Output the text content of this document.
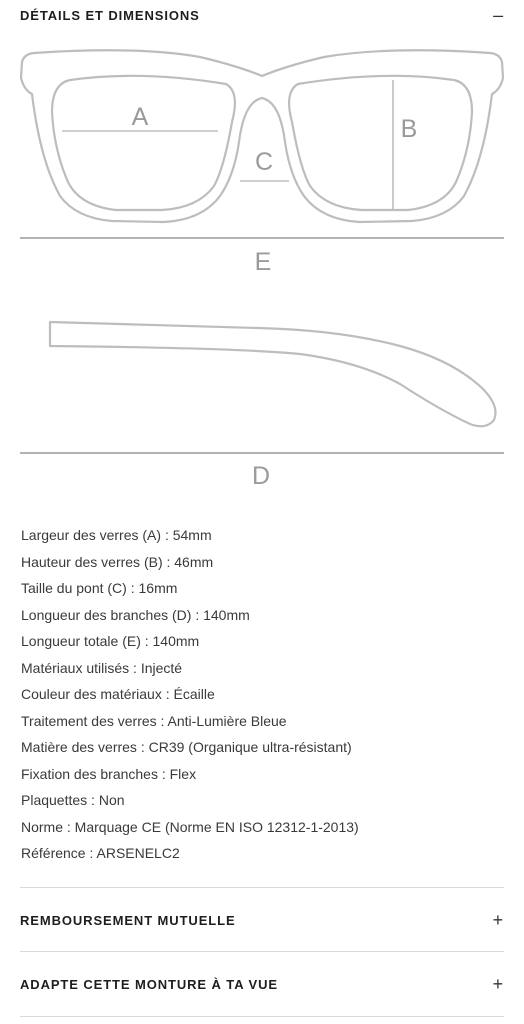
DÉTAILS ET DIMENSIONS	–
A	B
C
E
D
Largeur des verres (A) : 54mm
Hauteur des verres (B) : 46mm
Taille du pont (C) : 16mm
Longueur des branches (D) : 140mm
Longueur totale (E) : 140mm
Matériaux utilisés : Injecté
Couleur des matériaux : Écaille
Traitement des verres : Anti-Lumière Bleue
Matière des verres : CR39 (Organique ultra-résistant)
Fixation des branches : Flex
Plaquettes : Non
Norme : Marquage CE (Norme EN ISO 12312-1-2013)
Référence : ARSENELC2
REMBOURSEMENT MUTUELLE	+
ADAPTE CETTE MONTURE À TA VUE	+
